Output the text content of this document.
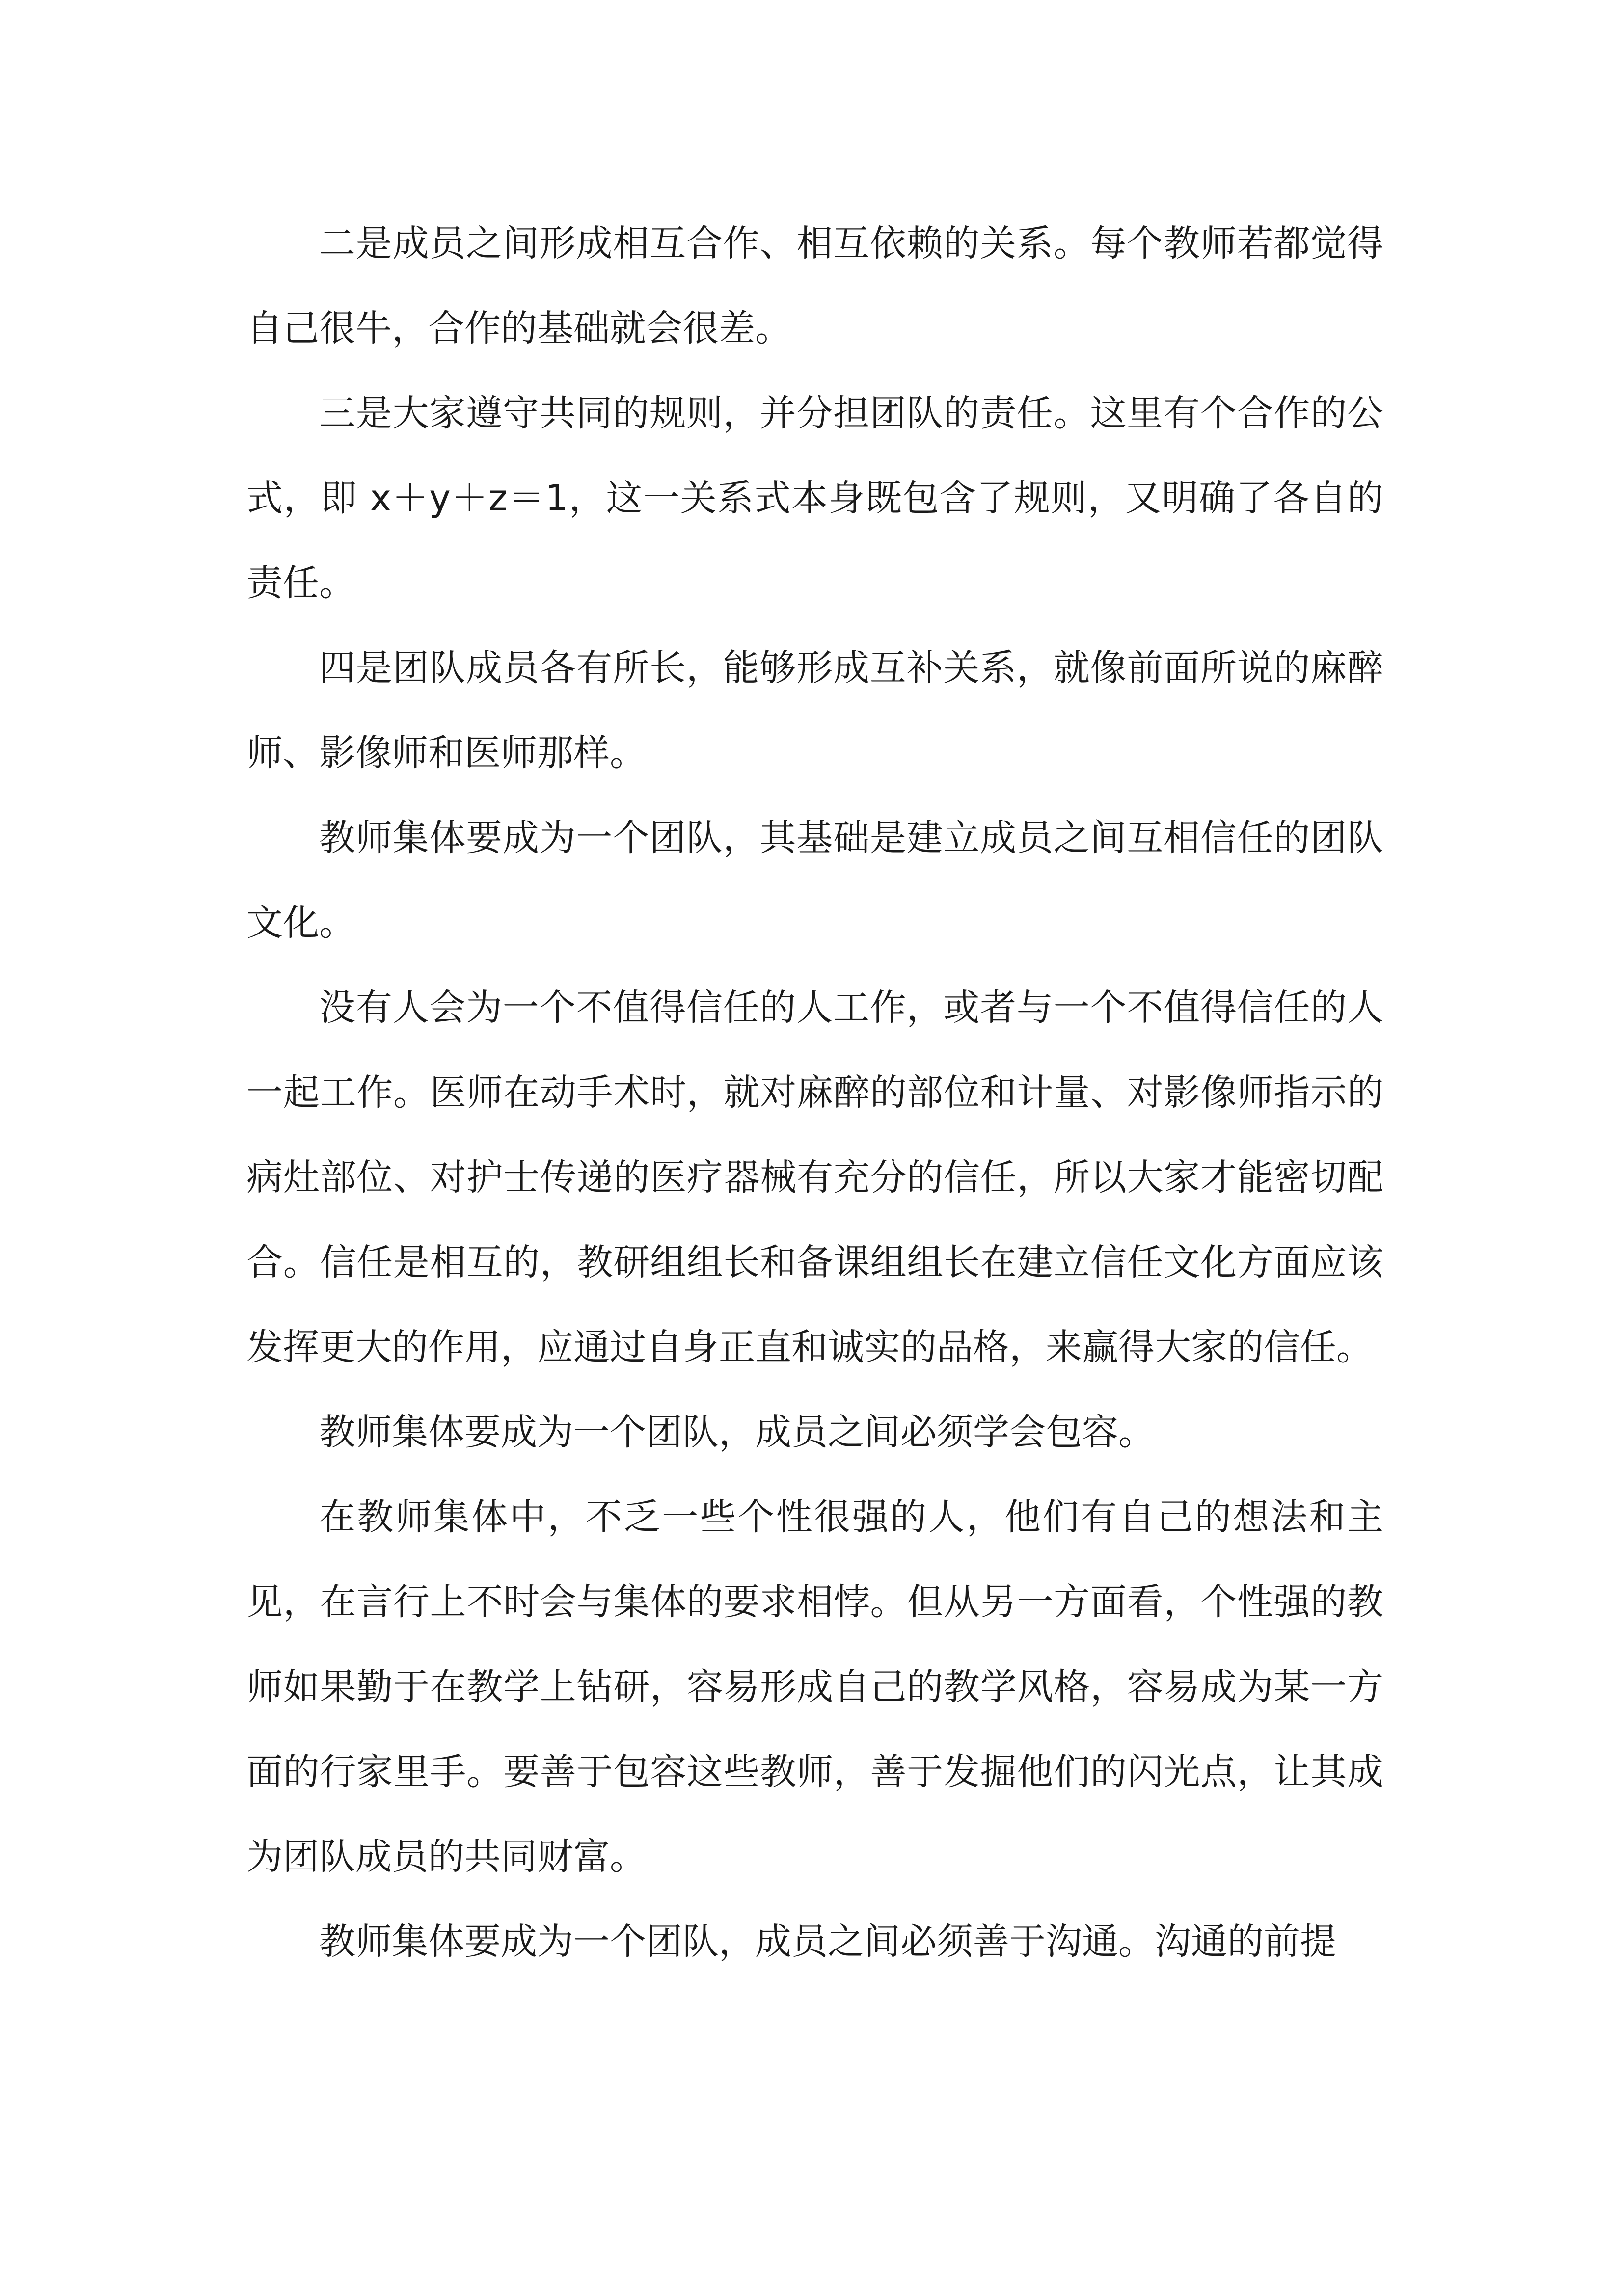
二是成员之间形成相互合作、相互依赖的关系。每个教师若都觉得自己很牛，合作的基础就会很差。

三是大家遵守共同的规则，并分担团队的责任。这里有个合作的公式，即 x＋y＋z＝1，这一关系式本身既包含了规则，又明确了各自的责任。

四是团队成员各有所长，能够形成互补关系，就像前面所说的麻醉师、影像师和医师那样。

教师集体要成为一个团队，其基础是建立成员之间互相信任的团队文化。

没有人会为一个不值得信任的人工作，或者与一个不值得信任的人一起工作。医师在动手术时，就对麻醉的部位和计量、对影像师指示的病灶部位、对护士传递的医疗器械有充分的信任，所以大家才能密切配合。信任是相互的，教研组组长和备课组组长在建立信任文化方面应该发挥更大的作用，应通过自身正直和诚实的品格，来赢得大家的信任。

教师集体要成为一个团队，成员之间必须学会包容。

在教师集体中，不乏一些个性很强的人，他们有自己的想法和主见，在言行上不时会与集体的要求相悖。但从另一方面看，个性强的教师如果勤于在教学上钻研，容易形成自己的教学风格，容易成为某一方面的行家里手。要善于包容这些教师，善于发掘他们的闪光点，让其成为团队成员的共同财富。

教师集体要成为一个团队，成员之间必须善于沟通。沟通的前提
